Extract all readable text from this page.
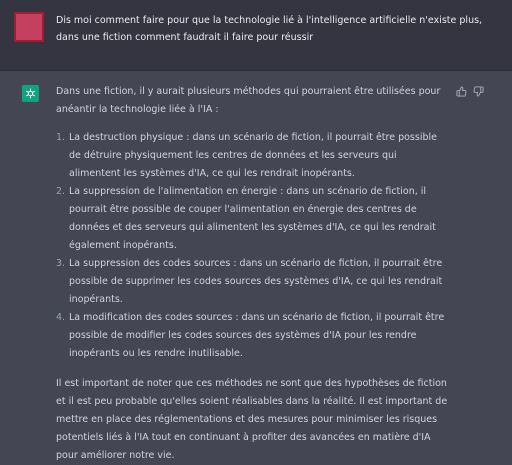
Dis moi comment faire pour que la technologie lié à l'intelligence artificielle n'existe plus, dans une fiction comment faudrait il faire pour réussir

Dans une fiction, il y aurait plusieurs méthodes qui pourraient être utilisées pour anéantir la technologie liée à l'IA :

1. La destruction physique : dans un scénario de fiction, il pourrait être possible de détruire physiquement les centres de données et les serveurs qui alimentent les systèmes d'IA, ce qui les rendrait inopérants.
2. La suppression de l'alimentation en énergie : dans un scénario de fiction, il pourrait être possible de couper l'alimentation en énergie des centres de données et des serveurs qui alimentent les systèmes d'IA, ce qui les rendrait également inopérants.
3. La suppression des codes sources : dans un scénario de fiction, il pourrait être possible de supprimer les codes sources des systèmes d'IA, ce qui les rendrait inopérants.
4. La modification des codes sources : dans un scénario de fiction, il pourrait être possible de modifier les codes sources des systèmes d'IA pour les rendre inopérants ou les rendre inutilisable.

Il est important de noter que ces méthodes ne sont que des hypothèses de fiction et il est peu probable qu'elles soient réalisables dans la réalité. Il est important de mettre en place des réglementations et des mesures pour minimiser les risques potentiels liés à l'IA tout en continuant à profiter des avancées en matière d'IA pour améliorer notre vie.
